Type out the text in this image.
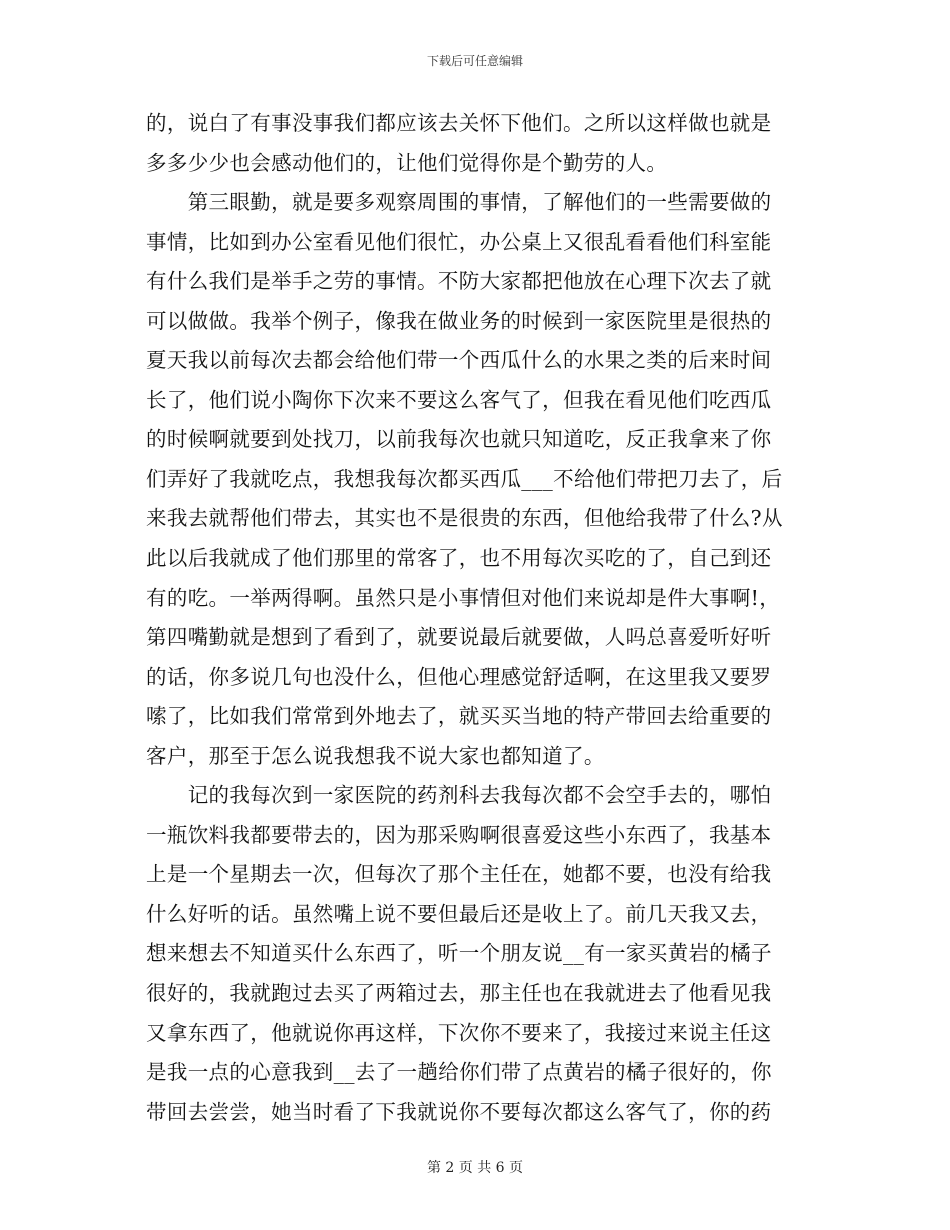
下载后可任意编辑
的，说白了有事没事我们都应该去关怀下他们。之所以这样做也就是
多多少少也会感动他们的，让他们觉得你是个勤劳的人。
　　第三眼勤，就是要多观察周围的事情，了解他们的一些需要做的
事情，比如到办公室看见他们很忙，办公桌上又很乱看看他们科室能
有什么我们是举手之劳的事情。不防大家都把他放在心理下次去了就
可以做做。我举个例子，像我在做业务的时候到一家医院里是很热的
夏天我以前每次去都会给他们带一个西瓜什么的水果之类的后来时间
长了，他们说小陶你下次来不要这么客气了，但我在看见他们吃西瓜
的时候啊就要到处找刀，以前我每次也就只知道吃，反正我拿来了你
们弄好了我就吃点，我想我每次都买西瓜___不给他们带把刀去了，后
来我去就帮他们带去，其实也不是很贵的东西，但他给我带了什么?从
此以后我就成了他们那里的常客了，也不用每次买吃的了，自己到还
有的吃。一举两得啊。虽然只是小事情但对他们来说却是件大事啊!，
第四嘴勤就是想到了看到了，就要说最后就要做，人吗总喜爱听好听
的话，你多说几句也没什么，但他心理感觉舒适啊，在这里我又要罗
嗦了，比如我们常常到外地去了，就买买当地的特产带回去给重要的
客户，那至于怎么说我想我不说大家也都知道了。
　　记的我每次到一家医院的药剂科去我每次都不会空手去的，哪怕
一瓶饮料我都要带去的，因为那采购啊很喜爱这些小东西了，我基本
上是一个星期去一次，但每次了那个主任在，她都不要，也没有给我
什么好听的话。虽然嘴上说不要但最后还是收上了。前几天我又去，
想来想去不知道买什么东西了，听一个朋友说__有一家买黄岩的橘子
很好的，我就跑过去买了两箱过去，那主任也在我就进去了他看见我
又拿东西了，他就说你再这样，下次你不要来了，我接过来说主任这
是我一点的心意我到__去了一趟给你们带了点黄岩的橘子很好的，你
带回去尝尝，她当时看了下我就说你不要每次都这么客气了，你的药
第 2 页 共 6 页
